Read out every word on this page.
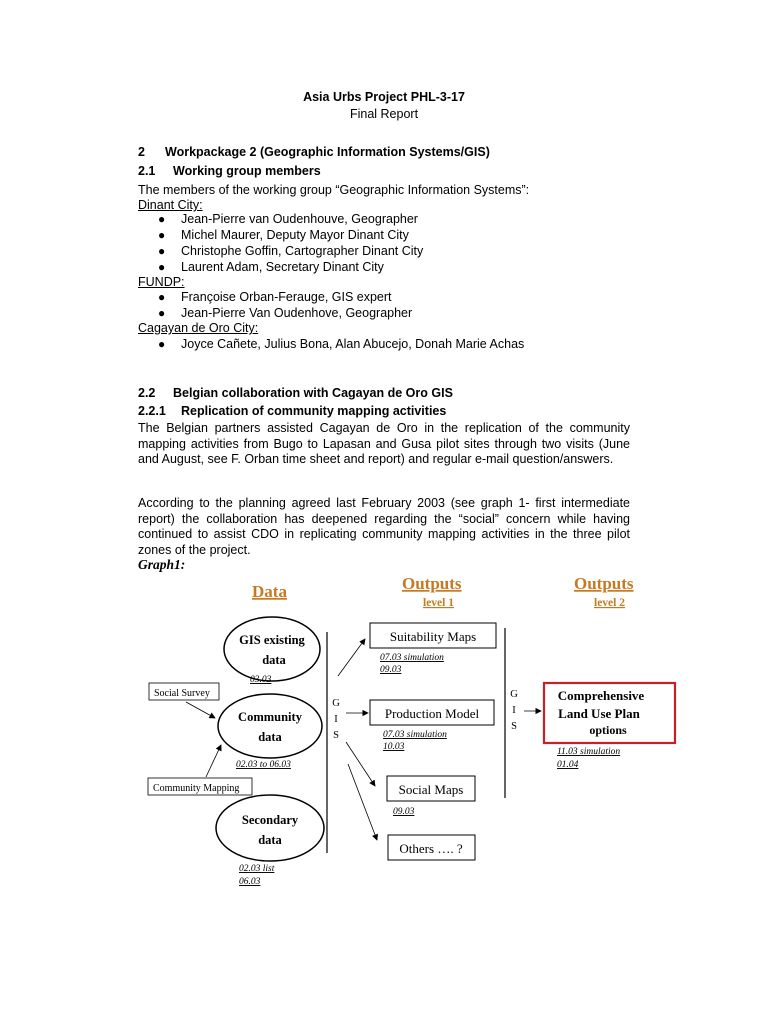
Asia Urbs Project PHL-3-17
Final Report
2 Workpackage 2 (Geographic Information Systems/GIS)
2.1 Working group members
The members of the working group “Geographic Information Systems”:
Dinant City:
● Jean-Pierre van Oudenhouve, Geographer
● Michel Maurer, Deputy Mayor Dinant City
● Christophe Goffin, Cartographer Dinant City
● Laurent Adam, Secretary Dinant City
FUNDP:
● Françoise Orban-Ferauge, GIS expert
● Jean-Pierre Van Oudenhove, Geographer
Cagayan de Oro City:
● Joyce Cañete, Julius Bona, Alan Abucejo, Donah Marie Achas
2.2 Belgian collaboration with Cagayan de Oro GIS
2.2.1 Replication of community mapping activities
The Belgian partners assisted Cagayan de Oro in the replication of the community mapping activities from Bugo to Lapasan and Gusa pilot sites through two visits (June and August, see F. Orban time sheet and report) and regular e-mail question/answers.
According to the planning agreed last February 2003 (see graph 1- first intermediate report) the collaboration has deepened regarding the “social” concern while having continued to assist CDO in replicating community mapping activities in the three pilot zones of the project.
Graph1:
Data	Outputs
level 1
Outputs
level 2
GIS existing
data
03.03
Social Survey
Community
data
02.03 to 06.03
Community Mapping
Secondary
data
02.03 list
06.03
G
I
S
Suitability Maps
07.03 simulation
09.03
Production Model
07.03 simulation
10.03
Social Maps
09.03
Others …. ?
G
I
S
Comprehensive
Land Use Plan
options
11.03 simulation
01.04
